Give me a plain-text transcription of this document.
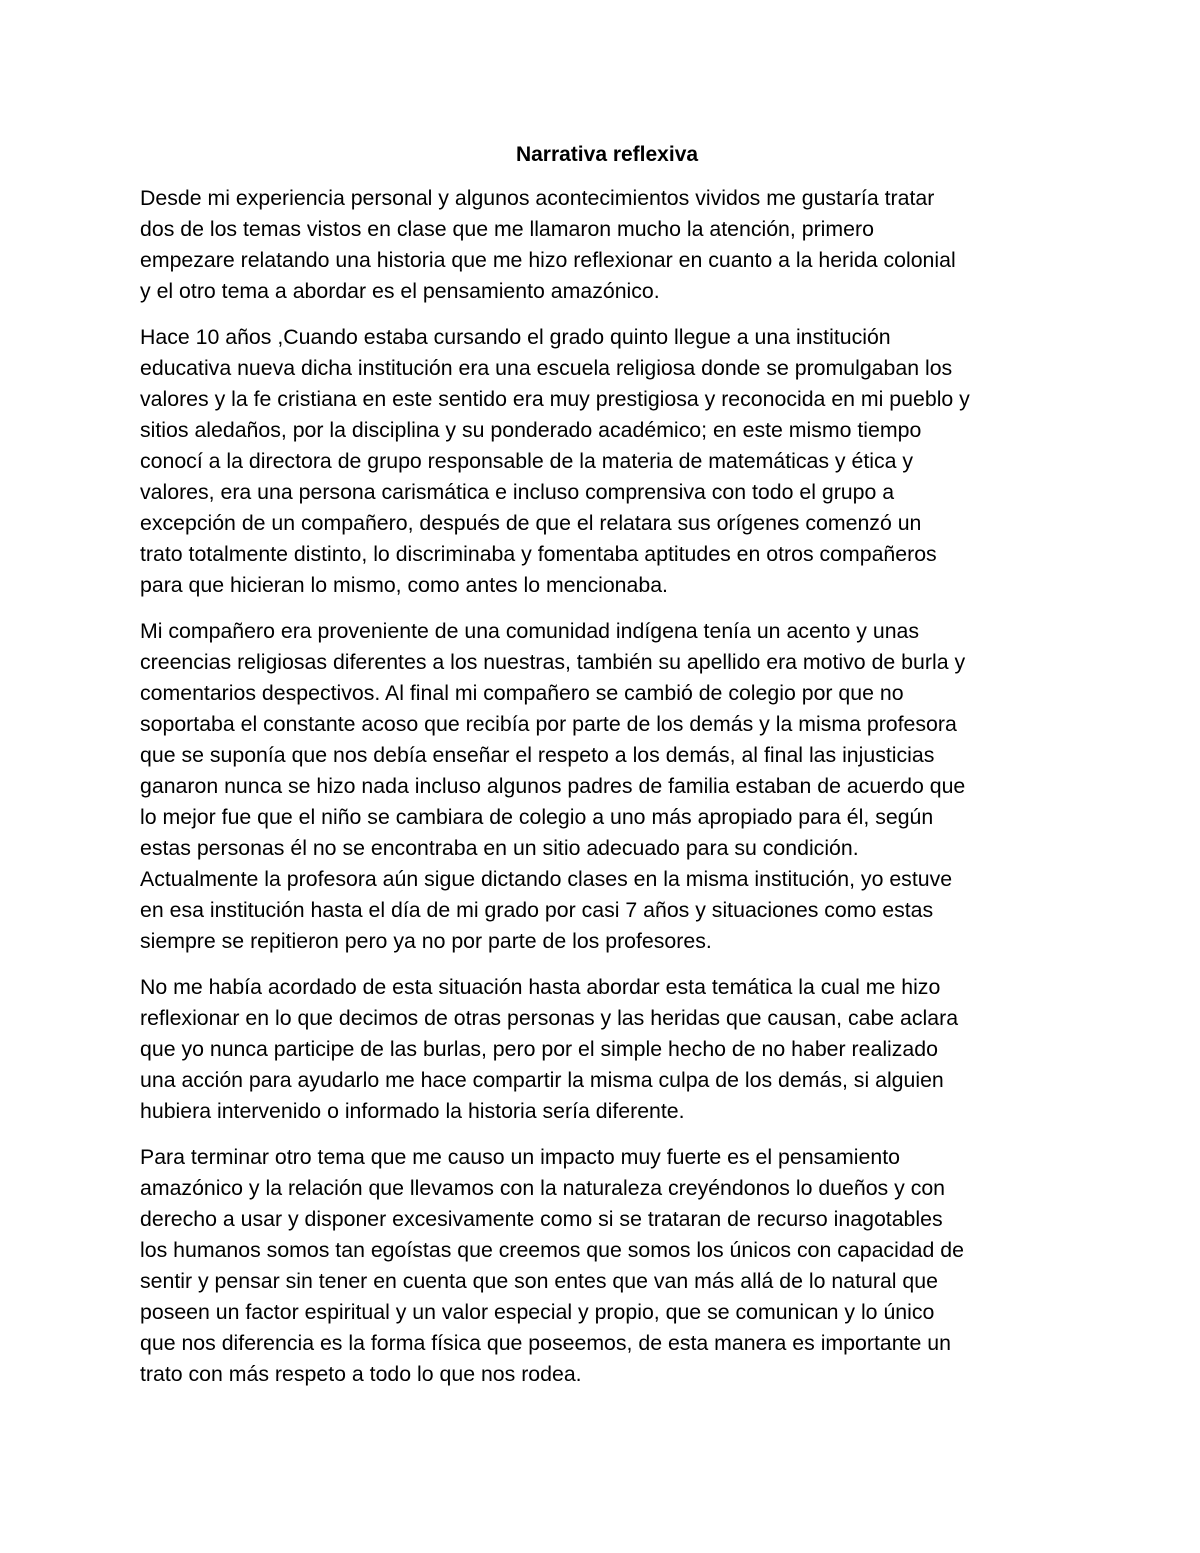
Narrativa reflexiva

Desde mi experiencia personal y algunos acontecimientos vividos me gustaría tratar
dos de los temas vistos en clase que me llamaron mucho la atención, primero
empezare relatando una historia que me hizo reflexionar en cuanto a la herida colonial
y el otro tema a abordar es el pensamiento amazónico.

Hace 10 años ,Cuando estaba cursando el grado quinto llegue a una institución
educativa nueva dicha institución era una escuela religiosa donde se promulgaban los
valores y la fe cristiana en este sentido era muy prestigiosa y reconocida en mi pueblo y
sitios aledaños, por la disciplina y su ponderado académico; en este mismo tiempo
conocí a la directora de grupo responsable de la materia de matemáticas y ética y
valores, era una persona carismática e incluso comprensiva con todo el grupo a
excepción de un compañero, después de que el relatara sus orígenes comenzó un
trato totalmente distinto, lo discriminaba y fomentaba aptitudes en otros compañeros
para que hicieran lo mismo, como antes lo mencionaba.

Mi compañero era proveniente de una comunidad indígena tenía un acento y unas
creencias religiosas diferentes a los nuestras, también su apellido era motivo de burla y
comentarios despectivos. Al final mi compañero se cambió de colegio por que no
soportaba el constante acoso que recibía por parte de los demás y la misma profesora
que se suponía que nos debía enseñar el respeto a los demás, al final las injusticias
ganaron nunca se hizo nada incluso algunos padres de familia estaban de acuerdo que
lo mejor fue que el niño se cambiara de colegio a uno más apropiado para él, según
estas personas él no se encontraba en un sitio adecuado para su condición.
Actualmente la profesora aún sigue dictando clases en la misma institución, yo estuve
en esa institución hasta el día de mi grado por casi 7 años y situaciones como estas
siempre se repitieron pero ya no por parte de los profesores.

No me había acordado de esta situación hasta abordar esta temática la cual me hizo
reflexionar en lo que decimos de otras personas y las heridas que causan, cabe aclara
que yo nunca participe de las burlas, pero por el simple hecho de no haber realizado
una acción para ayudarlo me hace compartir la misma culpa de los demás, si alguien
hubiera intervenido o informado la historia sería diferente.

Para terminar otro tema que me causo un impacto muy fuerte es el pensamiento
amazónico y la relación que llevamos con la naturaleza creyéndonos lo dueños y con
derecho a usar y disponer excesivamente como si se trataran de recurso inagotables
los humanos somos tan egoístas que creemos que somos los únicos con capacidad de
sentir y pensar sin tener en cuenta que son entes que van más allá de lo natural que
poseen un factor espiritual y un valor especial y propio, que se comunican y lo único
que nos diferencia es la forma física que poseemos, de esta manera es importante un
trato con más respeto a todo lo que nos rodea.
